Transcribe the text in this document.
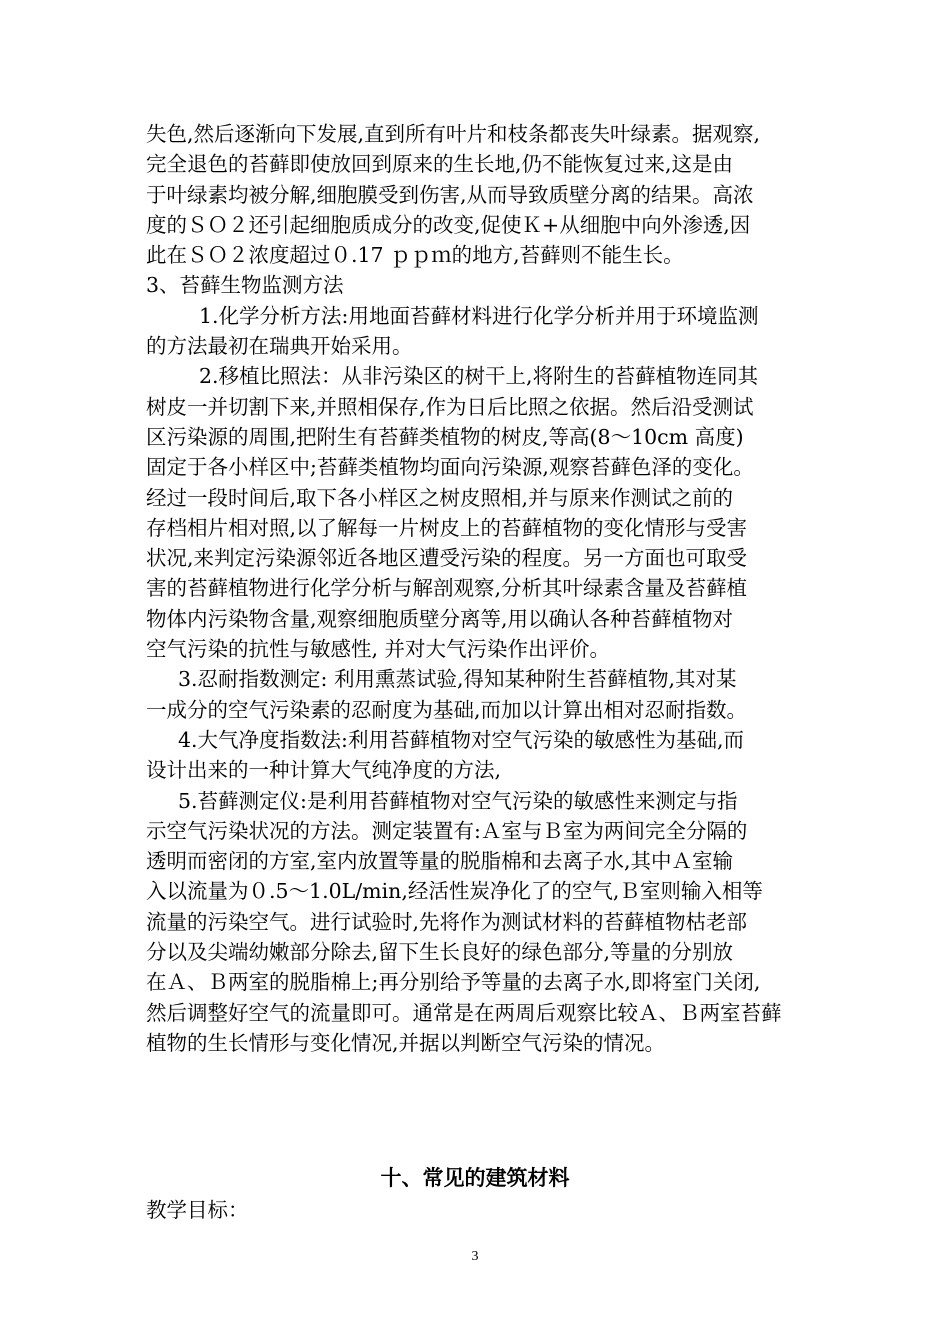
失色,然后逐渐向下发展,直到所有叶片和枝条都丧失叶绿素。据观察,
完全退色的苔藓即使放回到原来的生长地,仍不能恢复过来,这是由
于叶绿素均被分解,细胞膜受到伤害,从而导致质壁分离的结果。高浓
度的ＳＯ２还引起细胞质成分的改变,促使Ｋ+从细胞中向外渗透,因
此在ＳＯ２浓度超过０.17 ｐｐｍ的地方,苔藓则不能生长。
3、苔藓生物监测方法
1.化学分析方法:用地面苔藓材料进行化学分析并用于环境监测
的方法最初在瑞典开始采用。
2.移植比照法：从非污染区的树干上,将附生的苔藓植物连同其
树皮一并切割下来,并照相保存,作为日后比照之依据。然后沿受测试
区污染源的周围,把附生有苔藓类植物的树皮,等高(8～10cm 高度)
固定于各小样区中;苔藓类植物均面向污染源,观察苔藓色泽的变化。
经过一段时间后,取下各小样区之树皮照相,并与原来作测试之前的
存档相片相对照,以了解每一片树皮上的苔藓植物的变化情形与受害
状况,来判定污染源邻近各地区遭受污染的程度。另一方面也可取受
害的苔藓植物进行化学分析与解剖观察,分析其叶绿素含量及苔藓植
物体内污染物含量,观察细胞质壁分离等,用以确认各种苔藓植物对
空气污染的抗性与敏感性, 并对大气污染作出评价。
3.忍耐指数测定: 利用熏蒸试验,得知某种附生苔藓植物,其对某
一成分的空气污染素的忍耐度为基础,而加以计算出相对忍耐指数。
4.大气净度指数法:利用苔藓植物对空气污染的敏感性为基础,而
设计出来的一种计算大气纯净度的方法,
5.苔藓测定仪:是利用苔藓植物对空气污染的敏感性来测定与指
示空气污染状况的方法。测定装置有:Ａ室与Ｂ室为两间完全分隔的
透明而密闭的方室,室内放置等量的脱脂棉和去离子水,其中Ａ室输
入以流量为０.5～1.0L/min,经活性炭净化了的空气,Ｂ室则输入相等
流量的污染空气。进行试验时,先将作为测试材料的苔藓植物枯老部
分以及尖端幼嫩部分除去,留下生长良好的绿色部分,等量的分别放
在Ａ、Ｂ两室的脱脂棉上;再分别给予等量的去离子水,即将室门关闭,
然后调整好空气的流量即可。通常是在两周后观察比较Ａ、Ｂ两室苔藓
植物的生长情形与变化情况,并据以判断空气污染的情况。
十、常见的建筑材料
教学目标：
3
